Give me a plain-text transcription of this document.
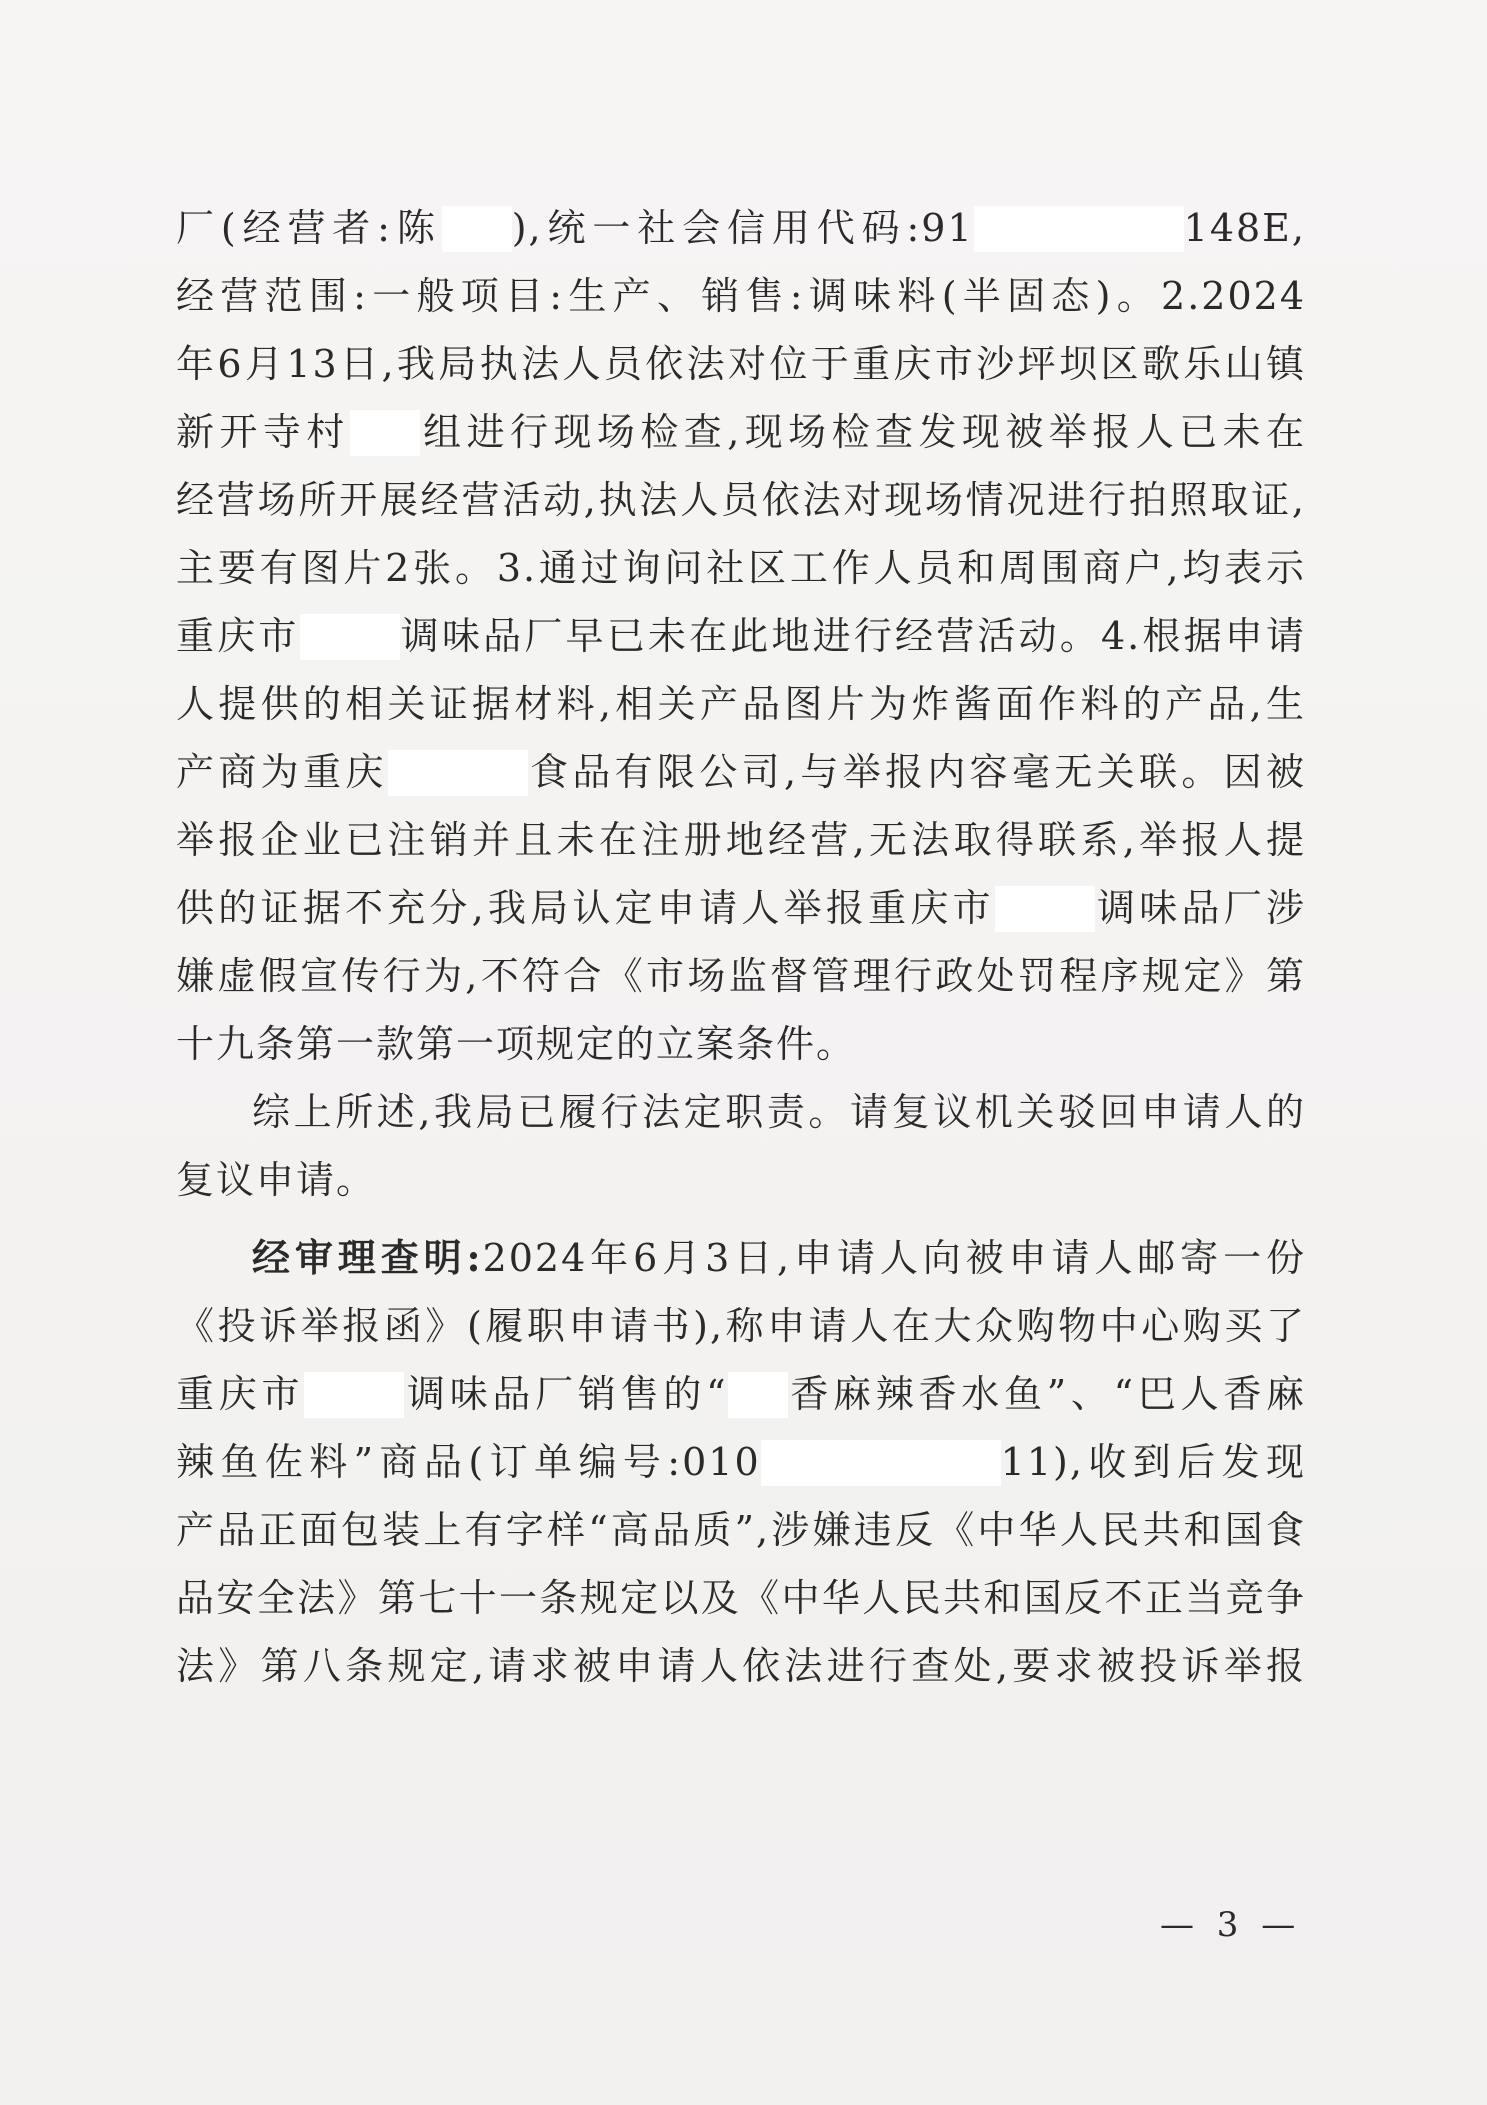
厂(经营者:陈 ),统一社会信用代码:91	148E,
经营范围:一般项目:生产、销售:调味料(半固态)。2.2024
年6月13日,我局执法人员依法对位于重庆市沙坪坝区歌乐山镇
新开寺村 组进行现场检查,现场检查发现被举报人已未在
经营场所开展经营活动,执法人员依法对现场情况进行拍照取证,
主要有图片2张。3.通过询问社区工作人员和周围商户,均表示
重庆市	调味品厂早已未在此地进行经营活动。4.根据申请
人提供的相关证据材料,相关产品图片为炸酱面作料的产品,生
产商为重庆	食品有限公司,与举报内容毫无关联。因被
举报企业已注销并且未在注册地经营,无法取得联系,举报人提
供的证据不充分,我局认定申请人举报重庆市	调味品厂涉
嫌虚假宣传行为,不符合《市场监督管理行政处罚程序规定》第
十九条第一款第一项规定的立案条件。
综上所述,我局已履行法定职责。请复议机关驳回申请人的
复议申请。
经审理查明:2024年6月3日,申请人向被申请人邮寄一份
《投诉举报函》(履职申请书),称申请人在大众购物中心购买了
重庆市	调味品厂销售的“ 香麻辣香水鱼”、“巴人香麻
辣鱼佐料”商品(订单编号:010	11),收到后发现
产品正面包装上有字样“高品质”,涉嫌违反《中华人民共和国食
品安全法》第七十一条规定以及《中华人民共和国反不正当竞争
法》第八条规定,请求被申请人依法进行查处,要求被投诉举报
— 3 —
